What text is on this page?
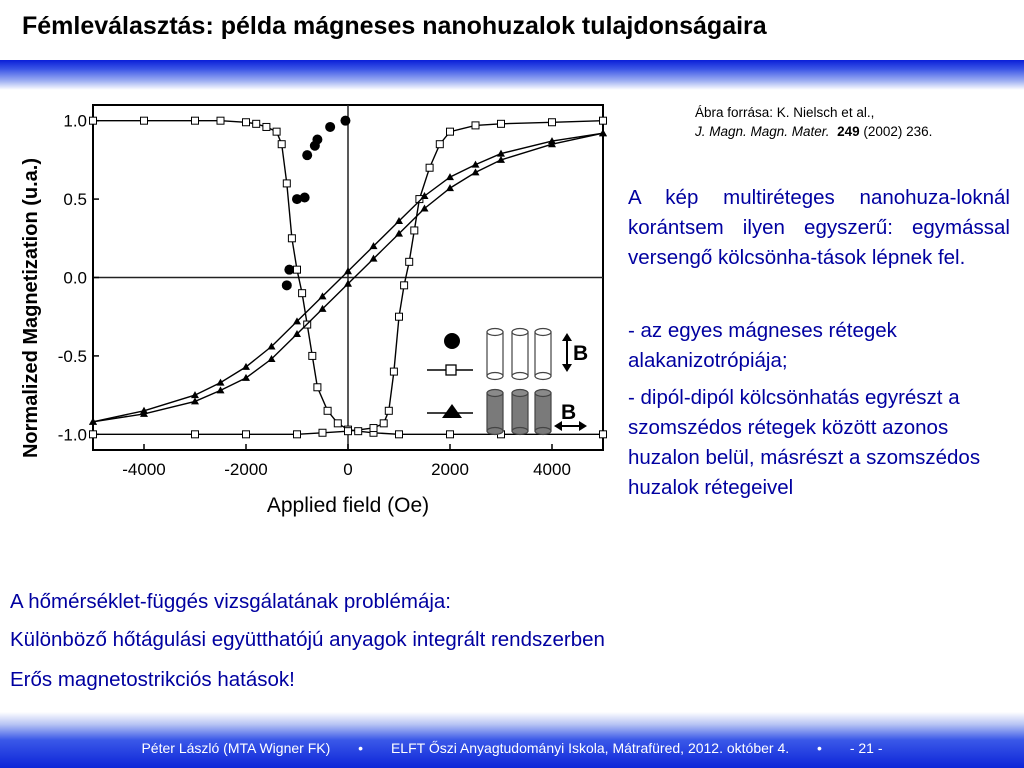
Fémleválasztás: példa mágneses nanohuzalok tulajdonságaira
Normalized Magnetization (u.a.)
Applied field (Oe)
-4000	-2000	0	2000	4000
-1.0
-0.5
0.0
0.5
1.0
B
B
Ábra forrása: K. Nielsch et al.,
J. Magn. Magn. Mater. 249 (2002) 236.
A kép multiréteges nanohuza-loknál korántsem ilyen egyszerű: egymással versengő kölcsönha-tások lépnek fel.
- az egyes mágneses rétegek alakanizotrópiája;
- dipól-dipól kölcsönhatás egyrészt a szomszédos rétegek között azonos huzalon belül, másrészt a szomszédos huzalok rétegeivel
A hőmérséklet-függés vizsgálatának problémája:
Különböző hőtágulási együtthatójú anyagok integrált rendszerben
Erős magnetostrikciós hatások!
Péter László (MTA Wigner FK) • ELFT Őszi Anyagtudományi Iskola, Mátrafüred, 2012. október 4. • - 21 -
